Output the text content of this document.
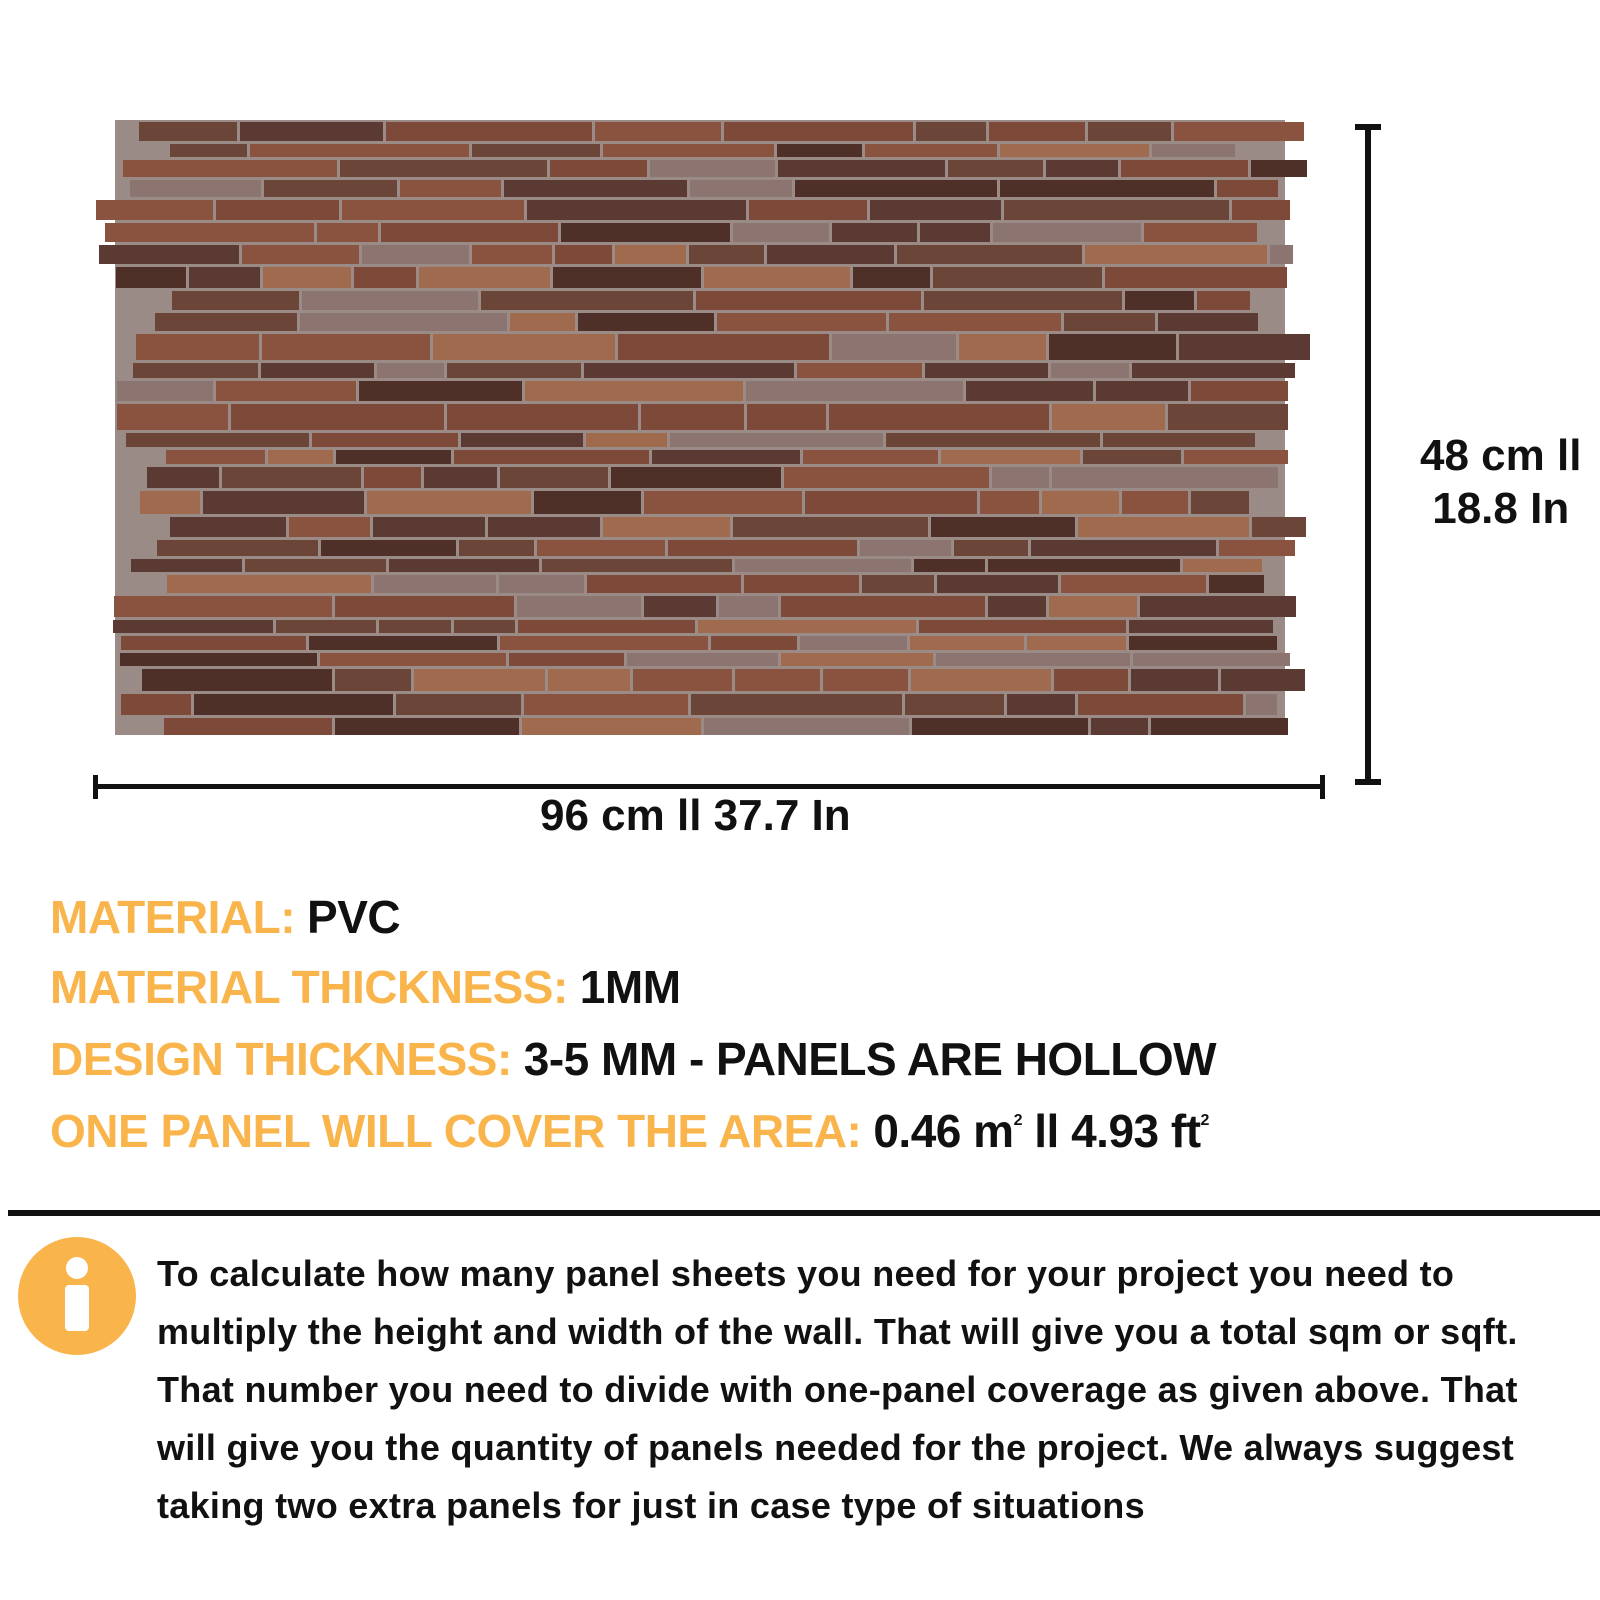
96 cm ll 37.7 In
48 cm ll
18.8 In
MATERIAL: PVC
MATERIAL THICKNESS: 1MM
DESIGN THICKNESS: 3-5 MM - PANELS ARE HOLLOW
ONE PANEL WILL COVER THE AREA: 0.46 $m^2$ ll 4.93 $ft^2$
To calculate how many panel sheets you need for your project you need to multiply the height and width of the wall. That will give you a total sqm or sqft. That number you need to divide with one-panel coverage as given above. That will give you the quantity of panels needed for the project. We always suggest taking two extra panels for just in case type of situations
